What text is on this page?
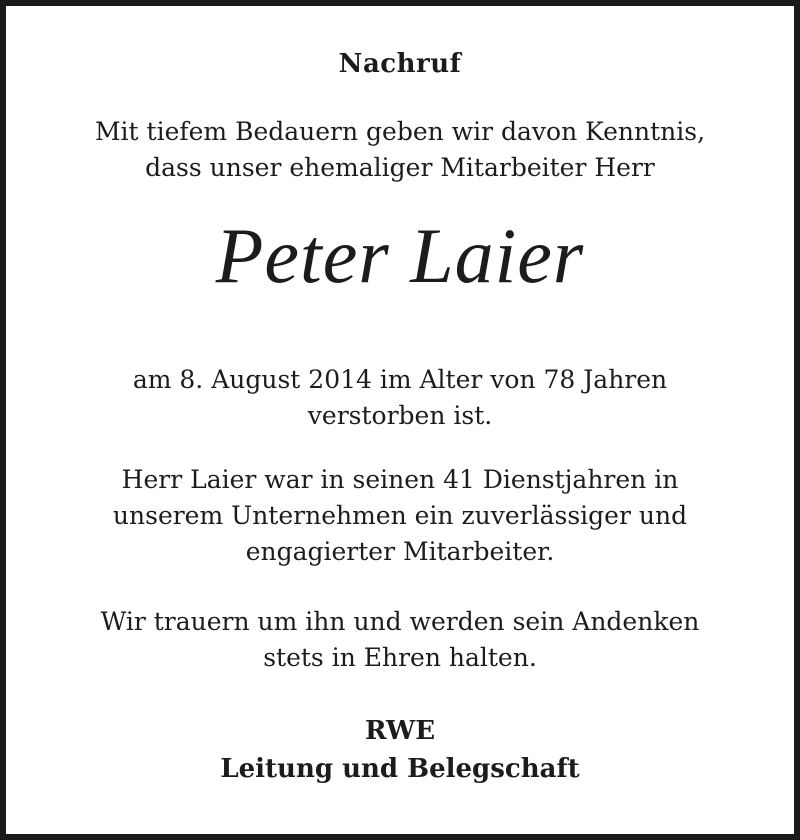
Nachruf
Mit tiefem Bedauern geben wir davon Kenntnis,
dass unser ehemaliger Mitarbeiter Herr
Peter Laier
am 8. August 2014 im Alter von 78 Jahren
verstorben ist.
Herr Laier war in seinen 41 Dienstjahren in
unserem Unternehmen ein zuverlässiger und
engagierter Mitarbeiter.
Wir trauern um ihn und werden sein Andenken
stets in Ehren halten.
RWE
Leitung und Belegschaft
